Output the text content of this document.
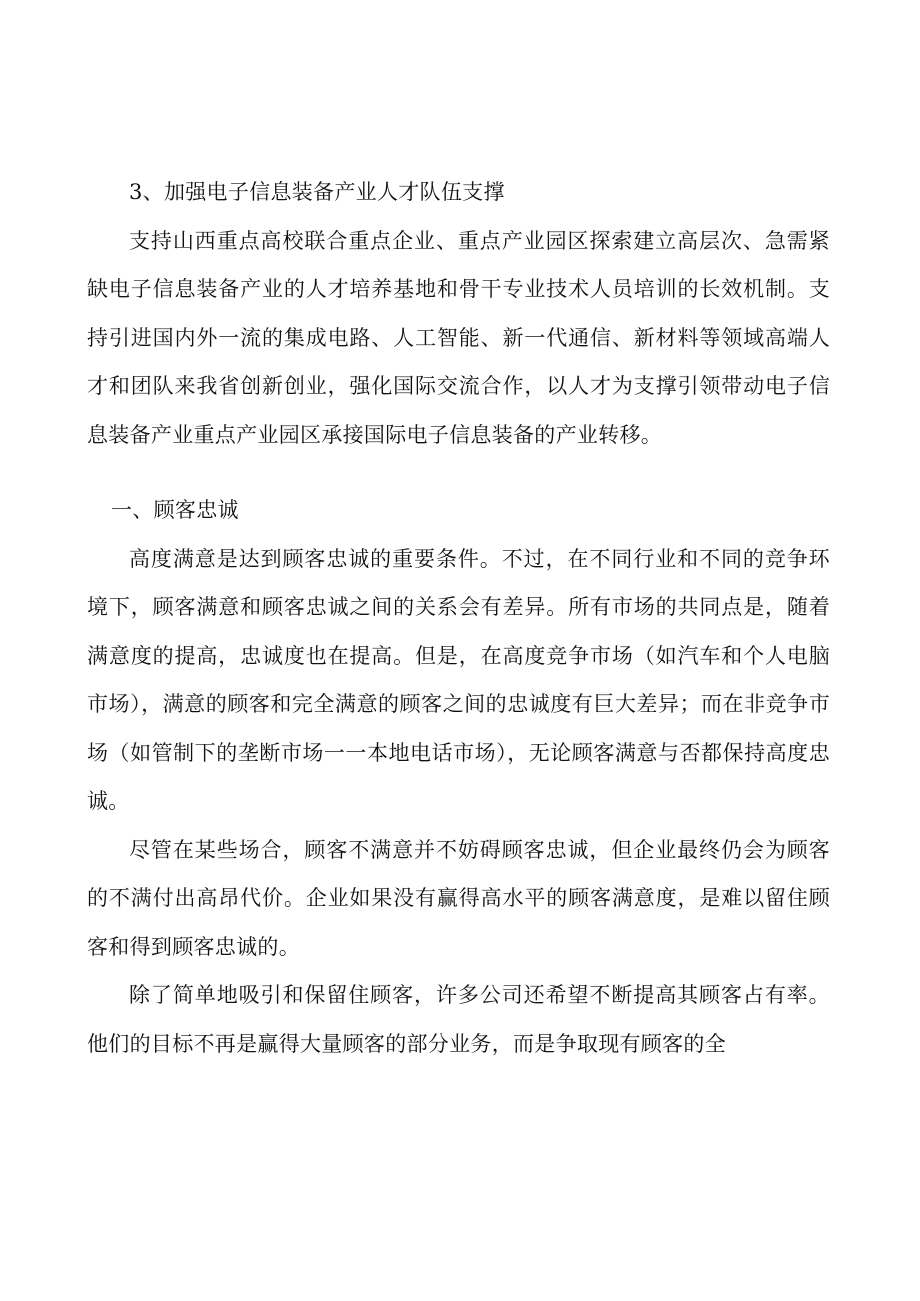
3、加强电子信息装备产业人才队伍支撑

支持山西重点高校联合重点企业、重点产业园区探索建立高层次、急需紧缺电子信息装备产业的人才培养基地和骨干专业技术人员培训的长效机制。支持引进国内外一流的集成电路、人工智能、新一代通信、新材料等领域高端人才和团队来我省创新创业，强化国际交流合作，以人才为支撑引领带动电子信息装备产业重点产业园区承接国际电子信息装备的产业转移。

一、顾客忠诚

高度满意是达到顾客忠诚的重要条件。不过，在不同行业和不同的竞争环境下，顾客满意和顾客忠诚之间的关系会有差异。所有市场的共同点是，随着满意度的提高，忠诚度也在提高。但是，在高度竞争市场（如汽车和个人电脑市场），满意的顾客和完全满意的顾客之间的忠诚度有巨大差异；而在非竞争市场（如管制下的垄断市场一一本地电话市场），无论顾客满意与否都保持高度忠诚。

尽管在某些场合，顾客不满意并不妨碍顾客忠诚，但企业最终仍会为顾客的不满付出高昂代价。企业如果没有赢得高水平的顾客满意度，是难以留住顾客和得到顾客忠诚的。

除了简单地吸引和保留住顾客，许多公司还希望不断提高其顾客占有率。他们的目标不再是赢得大量顾客的部分业务，而是争取现有顾客的全
